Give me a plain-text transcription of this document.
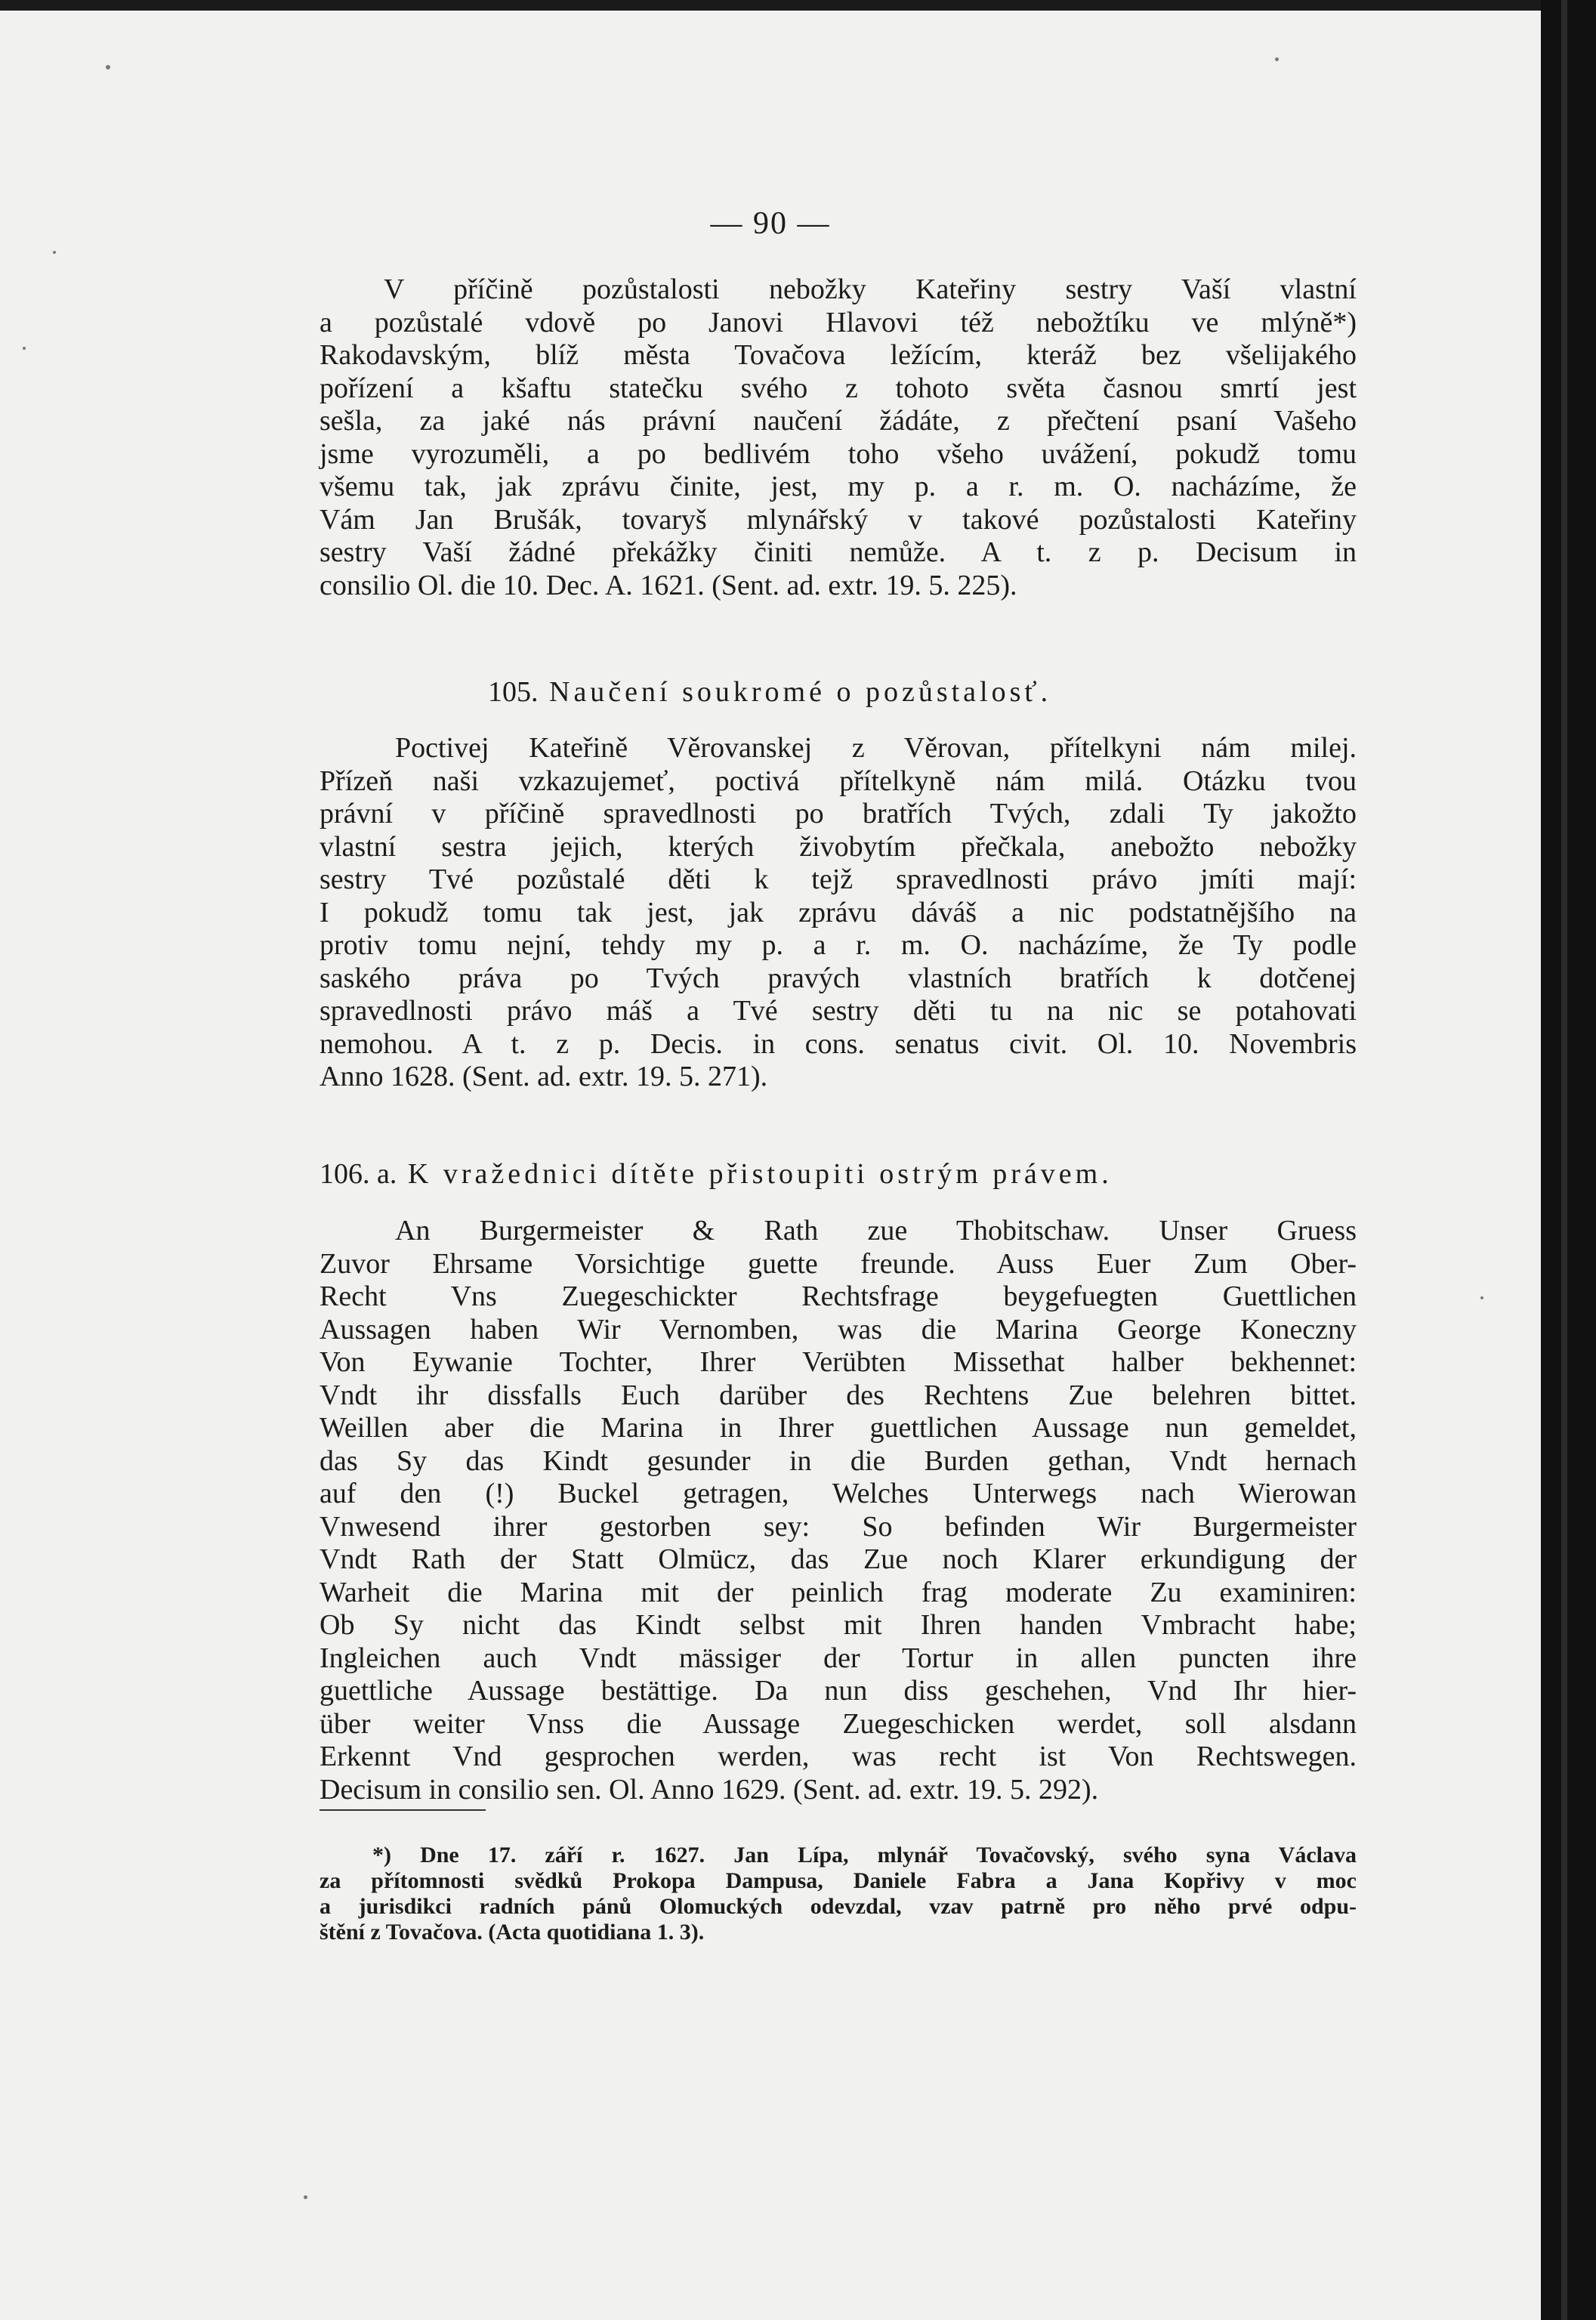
— 90 —
V příčině pozůstalosti nebožky Kateřiny sestry Vaší vlastní
a pozůstalé vdově po Janovi Hlavovi též nebožtíku ve mlýně*)
Rakodavským, blíž města Tovačova ležícím, kteráž bez všelijakého
pořízení a kšaftu statečku svého z tohoto světa časnou smrtí jest
sešla, za jaké nás právní naučení žádáte, z přečtení psaní Vašeho
jsme vyrozuměli, a po bedlivém toho všeho uvážení, pokudž tomu
všemu tak, jak zprávu činite, jest, my p. a r. m. O. nacházíme, že
Vám Jan Brušák, tovaryš mlynářský v takové pozůstalosti Kateřiny
sestry Vaší žádné překážky činiti nemůže. A t. z p. Decisum in
consilio Ol. die 10. Dec. A. 1621. (Sent. ad. extr. 19. 5. 225).
105. Naučení soukromé o pozůstalosť.
Poctivej Kateřině Věrovanskej z Věrovan, přítelkyni nám milej.
Přízeň naši vzkazujemeť, poctivá přítelkyně nám milá. Otázku tvou
právní v příčině spravedlnosti po bratřích Tvých, zdali Ty jakožto
vlastní sestra jejich, kterých živobytím přečkala, anebožto nebožky
sestry Tvé pozůstalé děti k tejž spravedlnosti právo jmíti mají:
I pokudž tomu tak jest, jak zprávu dáváš a nic podstatnějšího na
protiv tomu nejní, tehdy my p. a r. m. O. nacházíme, že Ty podle
saského práva po Tvých pravých vlastních bratřích k dotčenej
spravedlnosti právo máš a Tvé sestry děti tu na nic se potahovati
nemohou. A t. z p. Decis. in cons. senatus civit. Ol. 10. Novembris
Anno 1628. (Sent. ad. extr. 19. 5. 271).
106. a. K vražednici dítěte přistoupiti ostrým právem.
An Burgermeister & Rath zue Thobitschaw. Unser Gruess
Zuvor Ehrsame Vorsichtige guette freunde. Auss Euer Zum Ober-
Recht Vns Zuegeschickter Rechtsfrage beygefuegten Guettlichen
Aussagen haben Wir Vernomben, was die Marina George Koneczny
Von Eywanie Tochter, Ihrer Verübten Missethat halber bekhennet:
Vndt ihr dissfalls Euch darüber des Rechtens Zue belehren bittet.
Weillen aber die Marina in Ihrer guettlichen Aussage nun gemeldet,
das Sy das Kindt gesunder in die Burden gethan, Vndt hernach
auf den (!) Buckel getragen, Welches Unterwegs nach Wierowan
Vnwesend ihrer gestorben sey: So befinden Wir Burgermeister
Vndt Rath der Statt Olmücz, das Zue noch Klarer erkundigung der
Warheit die Marina mit der peinlich frag moderate Zu examiniren:
Ob Sy nicht das Kindt selbst mit Ihren handen Vmbracht habe;
Ingleichen auch Vndt mässiger der Tortur in allen puncten ihre
guettliche Aussage bestättige. Da nun diss geschehen, Vnd Ihr hier-
über weiter Vnss die Aussage Zuegeschicken werdet, soll alsdann
Erkennt Vnd gesprochen werden, was recht ist Von Rechtswegen.
Decisum in consilio sen. Ol. Anno 1629. (Sent. ad. extr. 19. 5. 292).
*) Dne 17. září r. 1627. Jan Lípa, mlynář Tovačovský, svého syna Václava
za přítomnosti svědků Prokopa Dampusa, Daniele Fabra a Jana Kopřivy v moc
a jurisdikci radních pánů Olomuckých odevzdal, vzav patrně pro něho prvé odpu-
štění z Tovačova. (Acta quotidiana 1. 3).
